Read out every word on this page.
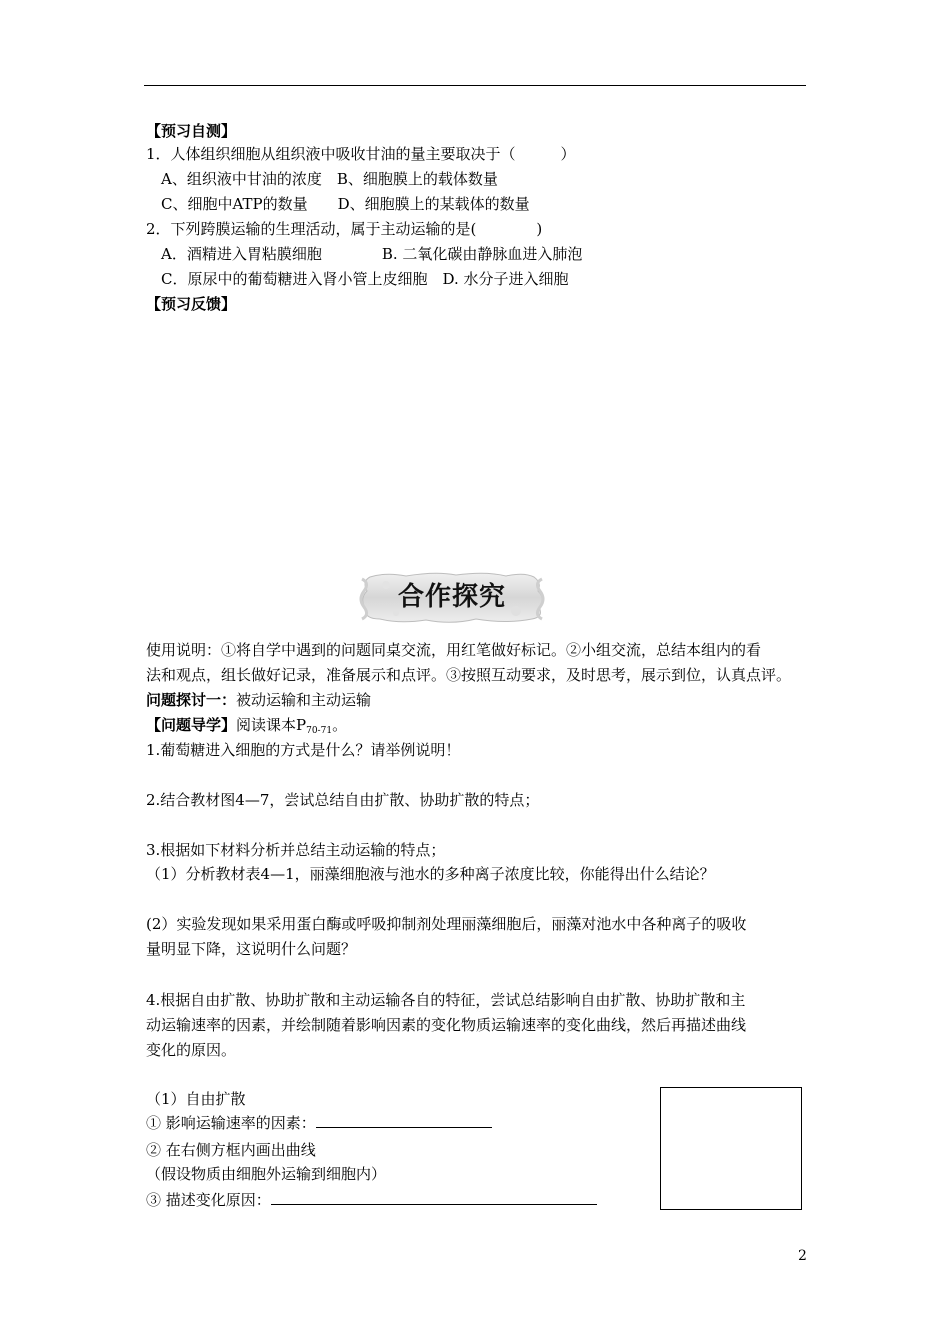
【预习自测】
1．人体组织细胞从组织液中吸收甘油的量主要取决于（　　　）
A、组织液中甘油的浓度　B、细胞膜上的载体数量
C、细胞中ATP的数量　　D、细胞膜上的某载体的数量
2．下列跨膜运输的生理活动，属于主动运输的是(　　　　)
A．酒精进入胃粘膜细胞　　　　B. 二氧化碳由静脉血进入肺泡
C．原尿中的葡萄糖进入肾小管上皮细胞　D. 水分子进入细胞
【预习反馈】
合作探究
使用说明：①将自学中遇到的问题同桌交流，用红笔做好标记。②小组交流，总结本组内的看
法和观点，组长做好记录，准备展示和点评。③按照互动要求，及时思考，展示到位，认真点评。
问题探讨一：被动运输和主动运输
【问题导学】阅读课本$P_{70-71}$。
1.葡萄糖进入细胞的方式是什么？请举例说明！
2.结合教材图4—7，尝试总结自由扩散、协助扩散的特点；
3.根据如下材料分析并总结主动运输的特点；
（1）分析教材表4—1，丽藻细胞液与池水的多种离子浓度比较，你能得出什么结论？
(2）实验发现如果采用蛋白酶或呼吸抑制剂处理丽藻细胞后，丽藻对池水中各种离子的吸收
量明显下降，这说明什么问题？
4.根据自由扩散、协助扩散和主动运输各自的特征，尝试总结影响自由扩散、协助扩散和主
动运输速率的因素，并绘制随着影响因素的变化物质运输速率的变化曲线，然后再描述曲线
变化的原因。
（1）自由扩散
① 影响运输速率的因素：
② 在右侧方框内画出曲线
（假设物质由细胞外运输到细胞内）
③ 描述变化原因：
2
